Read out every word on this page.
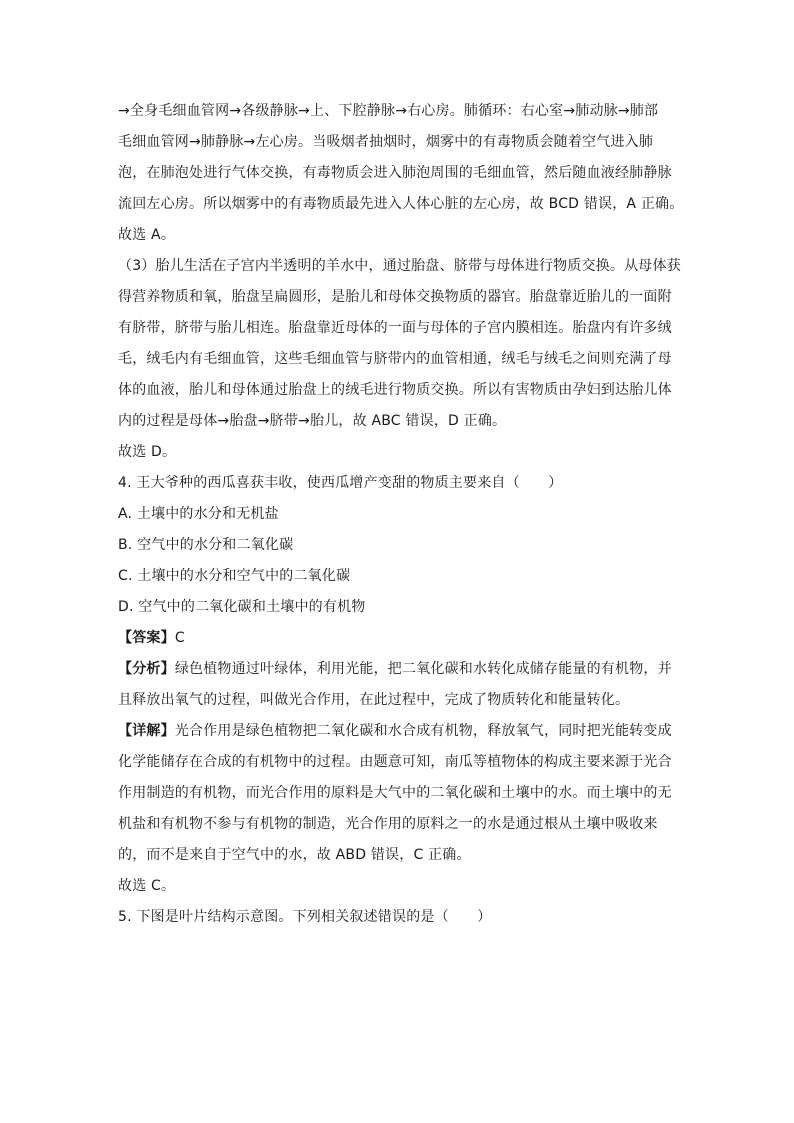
→全身毛细血管网→各级静脉→上、下腔静脉→右心房。肺循环：右心室→肺动脉→肺部
毛细血管网→肺静脉→左心房。当吸烟者抽烟时，烟雾中的有毒物质会随着空气进入肺
泡，在肺泡处进行气体交换，有毒物质会进入肺泡周围的毛细血管，然后随血液经肺静脉
流回左心房。所以烟雾中的有毒物质最先进入人体心脏的左心房，故 BCD 错误，A 正确。
故选 A。
（3）胎儿生活在子宫内半透明的羊水中，通过胎盘、脐带与母体进行物质交换。从母体获
得营养物质和氧，胎盘呈扁圆形，是胎儿和母体交换物质的器官。胎盘靠近胎儿的一面附
有脐带，脐带与胎儿相连。胎盘靠近母体的一面与母体的子宫内膜相连。胎盘内有许多绒
毛，绒毛内有毛细血管，这些毛细血管与脐带内的血管相通，绒毛与绒毛之间则充满了母
体的血液，胎儿和母体通过胎盘上的绒毛进行物质交换。所以有害物质由孕妇到达胎儿体
内的过程是母体→胎盘→脐带→胎儿，故 ABC 错误，D 正确。
故选 D。
4. 王大爷种的西瓜喜获丰收，使西瓜增产变甜的物质主要来自（　　）
A. 土壤中的水分和无机盐
B. 空气中的水分和二氧化碳
C. 土壤中的水分和空气中的二氧化碳
D. 空气中的二氧化碳和土壤中的有机物
【答案】C
【分析】绿色植物通过叶绿体，利用光能，把二氧化碳和水转化成储存能量的有机物，并
且释放出氧气的过程，叫做光合作用，在此过程中，完成了物质转化和能量转化。
【详解】光合作用是绿色植物把二氧化碳和水合成有机物，释放氧气，同时把光能转变成
化学能储存在合成的有机物中的过程。由题意可知，南瓜等植物体的构成主要来源于光合
作用制造的有机物，而光合作用的原料是大气中的二氧化碳和土壤中的水。而土壤中的无
机盐和有机物不参与有机物的制造，光合作用的原料之一的水是通过根从土壤中吸收来
的，而不是来自于空气中的水，故 ABD 错误，C 正确。
故选 C。
5. 下图是叶片结构示意图。下列相关叙述错误的是（　　）
